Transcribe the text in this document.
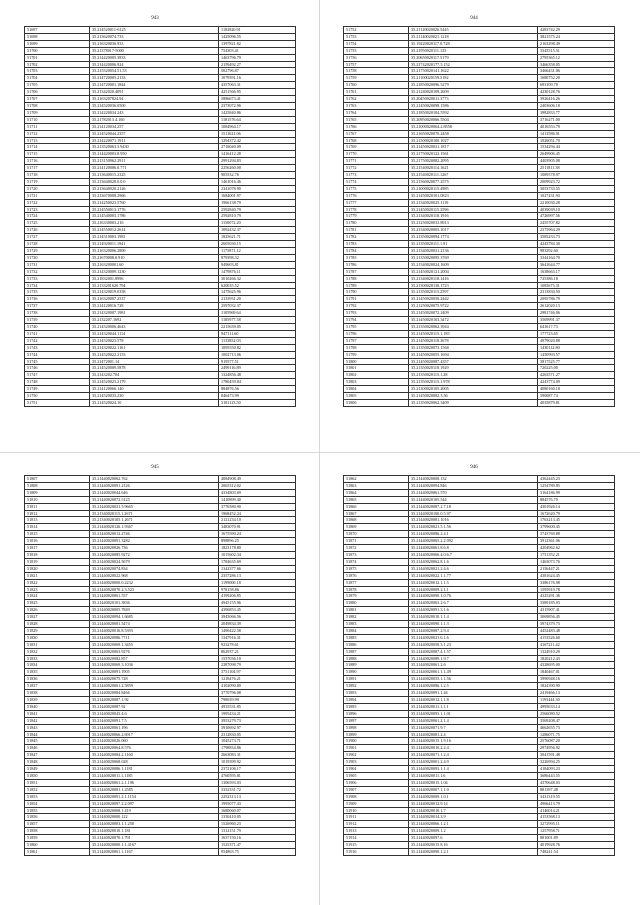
943
51697	35.214520011-6125	1182820.91
51698	35.213620074.733	1425096.55
51699	35.216320036.933	1397821.82
51700	35.21378017-5000	754303.41
51701	35.214420005.3833	1463796.79
51702	35.214420006.924	2159492.27
51703	35.215520054.51.53	502796.87
51704	35.214720005.2133	1079591.16
51705	35.214720001.1844	4357063.31
51706	35.21342020.4091	4251566.95
51707	35.2163207824.94	5886673.41
51708	35.214520036.0500	2373072.96
51709	35.214220034.243	1425840.86
51710	35.21782013.4.160	1181576.64
51711	35.214120034.257	1084964.17
51712	35.214520044.2357	1511621.06
51713	35.214220071.1911	1294372.42
51714	35.213520063.3.9430	2716040.09
51715	35.214420003.8.950	1416412.28
51716	35.213150962.2911	2991294.83
51717	35.214120006.0.771	2256260.00
51718	35.213640015.2325	905532.76
51719	35.213640020.0.0.0	1461016.46
51720	35.213640020.2126	2341078.90
51721	35.213670008.2966	1684001.97
51722	35.214250023.5760	1966138.79
51723	35.214550013.1776	2592840.79
51724	35.214540003.1786	2592810.79
51725	35.216330003.216	1150072.20
51726	35.214550012.2614	1092432.37
51727	35.214510003.1981	1825621.71
51728	35.214920011.1941	2605030.15
51729	35.216320006.2800	1175871.12
51730	35.21670008.0.910	879398.32
51731	35.2163200001.60	949603.81
51732	35.214320009.1230	1479876.11
51733	35.21832001.8996	3010266.32
51734	35.2133201620.794	620035.52
51735	35.214320019.0358	1475625.96
51736	35.216320007.2537	2133931.20
51737	35.214120016.728	2597032.37
51738	35.214320007.1981	1105969.64
51739	35.2132207.1692	1185977.58
51740	35.214520006.4643	2215639.05
51741	35.214320044.1114	947111.60
51742	35.214520023.578	1133852.03
51743	35.214320022.1161	1095550.82
51744	35.214520022.2153	1002713.06
51745	35.21472001.14	919577.51
51746	35.214520009.5878	2499116.89
51747	35.2143202.704	1324856.48
51748	35.214520023.2179	1780459.84
51749	35.214120066.140	884876.56
51750	35.214520033.230	846473.99
51751	35.214520024.10	3181123.50
944
51752	35.21120020026.5445	4283742.29
51753	35.21140020021.1218	3821575.24
51754	35.19220020117.0.728	2163298.49
51755	35.21950020111.135	3345515.31
51756	35.20650020117.5179	2795365.12
51757	35.21742020177.5.152	3466358.05
51758	35.21750020141.1622	3466431.06
51759	35.21100020159.5182	1680752.20
51760	35.21850020096.5279	693109.70
51761	35.21240020109.2609	4230128.76
51762	35.20450020011.3773	3926416.26
51763	35.21450020098.1586	2403606.18
51764	35.21850020104.5592	3982833.77
51765	35.20950020066.5504	3716271.00
51766	35.21000020064.2.8558	4016553.79
51767	35.21650020070.2458	1413586.91
51768	35.21500020100.1027	1026051.70
51769	35.21450020031.1817	1534294.44
51770	35.21750020122.1561	2649906.45
51771	35.21750020082.2095	4403905.08
51772	35.21540020114.1621	2511811.38
51773	35.21540020111.1267	1089578.97
51774	35.21560020077.2575	2009923.72
51775	35.21000020115.4985	3053733.55
51776	35.21450020101.0823	1027431.93
51777	35.21340020025.1119	2210030.28
51778	35.21450020115.3596	4039039.10
51779	35.21340020118.1916	4726997.56
51780	35.21250020033.8913	2455707.82
51781	35.21340020005.1017	2375964.29
51782	35.21350020094.1774	3585233.73
51783	35.21350020111.1.91	4243784.30
51784	35.21340020031.2136	983292.60
51785	35.21350020095.3769	3344164.70
51786	35.21340020024.1609	3641644.77
51787	35.21450020121.2004	1638663.17
51788	35.21340020118.1416	725386.18
51789	35.21300020130.1723	1085675.31
51790	35.21350020115.2597	2313830.50
51791	35.21450020050.2442	2095786.79
51792	35.21250020075.9722	2612020.13
51793	35.21450020072.2409	2981746.06
51794	35.21450020103.3472	3569991.37
51795	35.21350020062.3944	641617.73
51796	35.21450020115.1.185	177723.65
51797	35.21450020118.3678	4979020.88
51798	35.21350020073.1568	1430112.80
51799	35.21450020055.1694	1450993.57
51800	35.21450020087.4357	3817525.77
51801	35.21350020118.1929	720225.00
51802	35.21350020115.1.28	4263571.27
51803	35.21350020115.1.978	4243774.09
51804	35.21300020105.2005	4080160.18
51805	35.21450020082.3.56	590087.74
51806	35.21350020062.3409	4035879.81
945
51807	35.21440020062.762	4084908.49
51808	35.21440020091.2126	2065312.02
51809	35.21440020044.646	4334803.69
51810	35.21440020072.5125	1410899.40
51811	35.21440020021.5.9665	3776580.90
51812	35.21340020115.1.2671	1968452.24
51813	35.21340020105.1.2671	2121234.10
51814	35.21440020126.1.9367	3483070.91
51815	35.21440020012.2746	1675590.24
51816	35.21440020091.3282	898896.25
51817	35.21440020026.736	1823178.80
51818	35.21440020085.9272	1015602.34
51819	35.21440020024.5679	1784635.69
51820	35.21440020074.834	1342377.66
51821	35.21440020022.968	2357286.13
51822	35.21440020000.0.2232	1199000.18
51823	35.21440020070.2.3.523	978158.86
51824	35.21440020061.557	4199206.85
51825	35.21440020101.3836	4945155.96
51826	35.21440020005.7849	4396853.45
51827	35.21440020094.1.6685	3945066.56
51828	35.21440020081.5474	2049834.39
51829	35.21440020016.8.5393	1490422.58
51830	35.21440020086.7711	1347916.31
51831	35.21440020069.1.3455	923278.61
51832	35.21440020063.9276	862937.21
51833	35.21440020082.857	1557036.10
51834	35.21440020069.3.1036	2287098.79
51835	35.21440020091.1905	3751104.97
51836	35.21440020075.728	1218476.21
51837	35.21440020061.2.5859	4102090.80
51838	35.21440020084.8466	3770796.08
51839	35.21440020087.1.92	798039.99
51840	35.21440020087.92	4935531.85
51841	35.21440020043.4.6	1995434.21
51842	35.21440020091.7.5	3953279.73
51843	35.21440020061.196	3910692.97
51844	35.21440020066.2.6917	2312830.05
51845	35.21440020026.060	1045273.71
51846	35.21440020064.8.576	1798834.86
51847	35.21440020084.2.1160	2663083.31
51848	35.21440020068.028	1019399.92
51849	35.21440020086.1.1181	2372106.17
51850	35.21440020011.1.1185	4760595.81
51851	35.21440020061.2.1.196	1306593.03
51852	35.21440020081.1.2585	3352331.72
51853	35.21440020091.2.1.1154	2252313.13
51854	35.21440020097.2.2.097	1995077.43
51855	35.21440020068.1.419	1680060.07
51856	35.21440020000.122	1350410.05
51857	35.21440020003.1.1.258	1526960.23
51858	35.21440020010.1.181	1312151.79
51859	35.21440020070.1.791	1637150.16
51860	35.21440020000.1.1.4167	1525371.47
51861	35.21440020061.1.1167	954863.75
946
51862	35.21440020008.132	4362445.23
51863	35.21440020094.846	1254789.85
51864	35.21440020061.570	3164186.99
51865	35.21440020105.544	884576.70
51866	35.21440020087.2.7.18	4301926.14
51867	35.21440020100.0.5.97	1672620.79
51868	35.21440020081.1016	1763213.45
51869	35.21440020021.5.1.56	3799600.45
51870	35.21440020086.2.4.1	3743769.88
51871	35.21440020065.2.2.092	3912361.06
51872	35.21440020061.8.6.8	4204962.62
51873	35.21440020066.4.0.6.7	1751352.21
51874	35.21440020062.8.1.6	1463073.76
51875	35.21440020021.2.4.6	2156447.21
51876	35.21440020022.1.1.77	4381624.45
51877	35.21440020012.1.1.5	3386176.98
51878	35.21440020009.2.1.1	1595919.78
51879	35.21440020090.1.0.76	4325291.36
51880	35.21440020063.2.6.7	3389185.03
51881	35.21440020091.3.1.6	4315907.41
51882	35.21440020010.1.1.4	3069856.45
51883	35.21440020090.1.1.3	3974379.73
51884	35.21440020087.2.9.4	4452483.48
51885	35.21440020021.6.1.6	4153526.60
51886	35.21440020050.3.1.23	4167211.42
51887	35.21440020087.4.1.57	1324910.29
51888	35.21440020089.1.9.7	1820212.43
51889	35.21440020061.2.6	4328695.00
51890	35.21440020061.1.1.49	1840467.01
51891	35.21440020055.1.1.56	3990948.16
51892	35.21440020086.1.2.5	1824390.90
51893	35.21440020091.1.44	2419466.13
51894	35.21440020012.1.1.8	1193444.30
51895	35.21440020011.1.1.1	4995633.14
51896	35.21440020093.1.1.01	2566080.52
51897	35.21440020061.2.1.4	3569208.47
51898	35.21440020071.9.7	4662655.73
51899	35.21440020081.2.4	1286071.75
51900	35.21440020015.1.9.16	2576087.20
51901	35.21440020010.2.2.4	2974956.92
51902	35.21440020071.1.2.4	3041591.48
51903	35.21440020001.2.4.9	3226994.25
51904	35.21440020093.1.1.4	4184093.23
51905	35.21440020011.1.6	3686443.55
51906	35.21440020015.1.04	4370648.03
51907	35.21440020007.1.1.0	881397.48
51908	35.21440020009.1.0.1	3431319.55
51909	35.21440020012.9.14	4966413.79
51910	35.21440020010.1.7	4146014.21
51911	35.21440020014.3.9	4153568.13
51912	35.21440020066.1.2.1	3272995.11
51913	35.21440020009.1.2	1257958.71
51914	35.21440020097.6	881001.89
51915	35.21440020015.8.16	4019928.76
51916	35.21440020090.1.2.1	748241.54
